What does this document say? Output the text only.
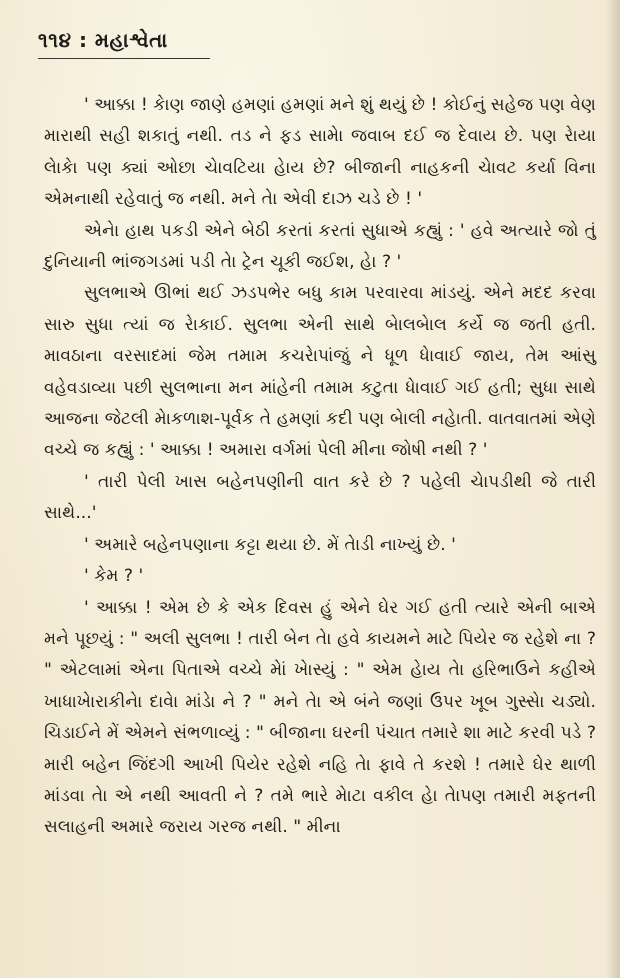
૧૧૪ : મહાશ્વેતા

' આક્કા ! કેાણ જાણે હમણાં હમણાં મને શું થયું છે ! કોઈનું સહેજ પણ વેણ મારાથી સહી શકાતું નથી. તડ ને ફડ સામેા જવાબ દઈ જ દેવાય છે. પણ રેાયા લેાકેા પણ ક્યાં ઓછા ચેાવટિયા હેાય છે? બીજાની નાહકની ચેાવટ કર્યા વિના એમનાથી રહેવાતું જ નથી. મને તેા એવી દાઝ ચડે છે ! '

એનેા હાથ પકડી એને બેઠી કરતાં કરતાં સુધાએ કહ્યું : ' હવે અત્યારે જો તું દુનિયાની ભાંજગડમાં પડી તેા ટ્રેન ચૂકી જઈશ, હેા ? '

સુલભાએ ઊભાં થઈ ઝડપભેર બધુ કામ પરવારવા માંડયું. એને મદદ કરવા સારુ સુધા ત્યાં જ રેાકાઈ. સુલભા એની સાથે બેાલબેાલ કર્યે જ જતી હતી. માવઠાના વરસાદમાં જેમ તમામ કચરેાપાંજું ને ધૂળ ધેાવાઈ જાય, તેમ આંસુ વહેવડાવ્યા પછી સુલભાના મન માંહેની તમામ કટુતા ધેાવાઈ ગઈ હતી; સુધા સાથે આજના જેટલી મેાકળાશ-પૂર્વક તે હમણાં કદી પણ બેાલી નહેાતી. વાતવાતમાં એણે વચ્ચે જ કહ્યું : ' આક્કા ! અમારા વર્ગમાં પેલી મીના જોષી નથી ? '

' તારી પેલી ખાસ બહેનપણીની વાત કરે છે ? પહેલી ચેાપડીથી જે તારી સાથે...'

' અમારે બહેનપણાના કટ્ટા થયા છે. મેં તેાડી નાખ્યું છે. '

' કેમ ? '

' આક્કા ! એમ છે કે એક દિવસ હું એને ઘેર ગઈ હતી ત્યારે એની બાએ મને પૂછયું : " અલી સુલભા ! તારી બેન તેા હવે કાયમને માટે પિયેર જ રહેશે ના ? " એટલામાં એના પિતાએ વચ્ચે મેાં ખેાસ્યું : " એમ હેાય તેા હરિભાઉને કહીએ ખાધાખેારાકીનેા દાવેા માંડેા ને ? " મને તેા એ બંને જણાં ઉપર ખૂબ ગુસ્સેા ચડ્યો. ચિડાઈને મેં એમને સંભળાવ્યું : " બીજાના ઘરની પંચાત તમારે શા માટે કરવી પડે ? મારી બહેન જિંદગી આખી પિયેર રહેશે નહિ તેા ફાવે તે કરશે ! તમારે ઘેર થાળી માંડવા તેા એ નથી આવતી ને ? તમે ભારે મેાટા વકીલ હેા તેાપણ તમારી મફતની સલાહની અમારે જરાય ગરજ નથી. " મીના
